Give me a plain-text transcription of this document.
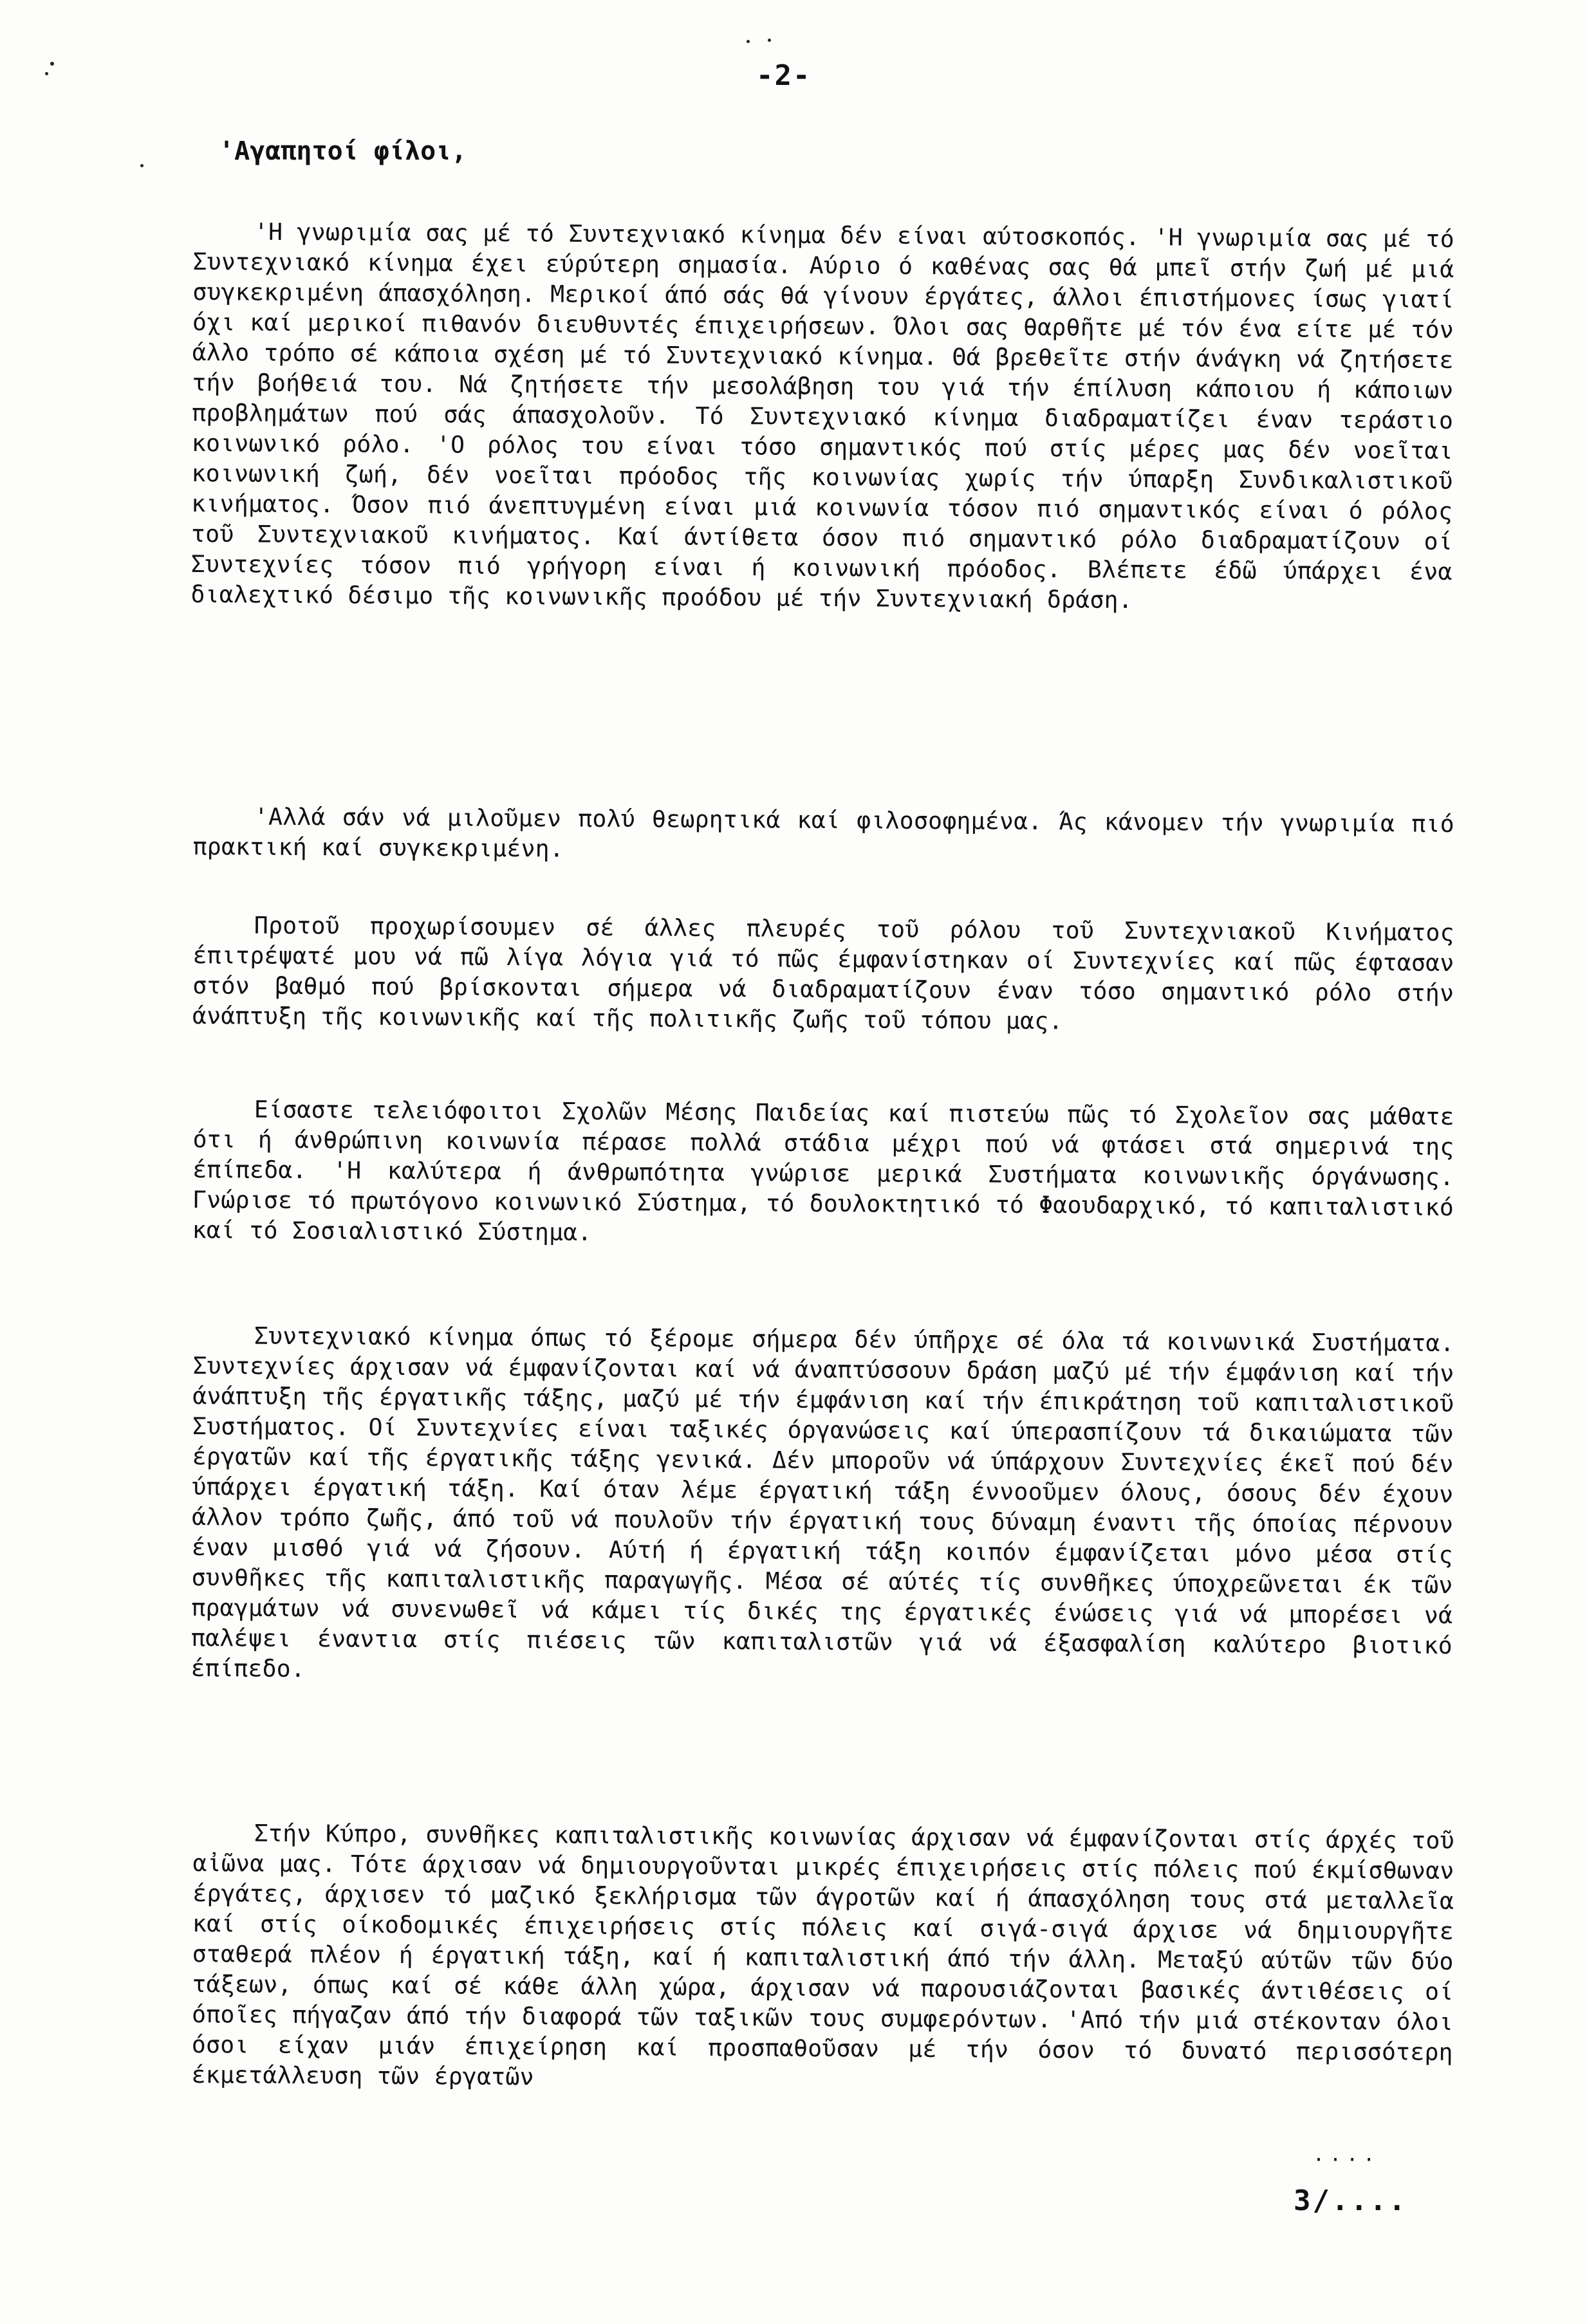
-2-
'Αγαπητοί φίλοι,

'Η γνωριμία σας μέ τό Συντεχνιακό κίνημα δέν είναι αύτοσκοπός. 'Η γνωριμία σας μέ τό Συντεχνιακό κίνημα έχει εύρύτερη σημασία. Αύριο ό καθένας σας θά μπεῖ στήν ζωή μέ μιά συγκεκριμένη άπασχόληση. Μερικοί άπό σάς θά γίνουν έργάτες, άλλοι έπιστήμονες ίσως γιατί όχι καί μερικοί πιθανόν διευθυντές έπιχειρήσεων. Όλοι σας θαρθῆτε μέ τόν ένα είτε μέ τόν άλλο τρόπο σέ κάποια σχέση μέ τό Συντεχνιακό κίνημα. Θά βρεθεῖτε στήν άνάγκη νά ζητήσετε τήν βοήθειά του. Νά ζητήσετε τήν μεσολάβηση του γιά τήν έπίλυση κάποιου ή κάποιων προβλημάτων πού σάς άπασχολοῦν. Τό Συντεχνιακό κίνημα διαδραματίζει έναν τεράστιο κοινωνικό ρόλο. 'Ο ρόλος του είναι τόσο σημαντικός πού στίς μέρες μας δέν νοεῖται κοινωνική ζωή, δέν νοεῖται πρόοδος τῆς κοινωνίας χωρίς τήν ύπαρξη Συνδικαλιστικοῦ κινήματος. Όσον πιό άνεπτυγμένη είναι μιά κοινωνία τόσον πιό σημαντικός είναι ό ρόλος τοῦ Συντεχνιακοῦ κινήματος. Καί άντίθετα όσον πιό σημαντικό ρόλο διαδραματίζουν οί Συντεχνίες τόσον πιό γρήγορη είναι ή κοινωνική πρόοδος. Βλέπετε έδῶ ύπάρχει ένα διαλεχτικό δέσιμο τῆς κοινωνικῆς προόδου μέ τήν Συντεχνιακή δράση.

'Αλλά σάν νά μιλοῦμεν πολύ θεωρητικά καί φιλοσοφημένα. Άς κάνομεν τήν γνωριμία πιό πρακτική καί συγκεκριμένη.

Προτοῦ προχωρίσουμεν σέ άλλες πλευρές τοῦ ρόλου τοῦ Συντεχνιακοῦ Κινήματος έπιτρέψατέ μου νά πῶ λίγα λόγια γιά τό πῶς έμφανίστηκαν οί Συντεχνίες καί πῶς έφτασαν στόν βαθμό πού βρίσκονται σήμερα νά διαδραματίζουν έναν τόσο σημαντικό ρόλο στήν άνάπτυξη τῆς κοινωνικῆς καί τῆς πολιτικῆς ζωῆς τοῦ τόπου μας.

Είσαστε τελειόφοιτοι Σχολῶν Μέσης Παιδείας καί πιστεύω πῶς τό Σχολεῖον σας μάθατε ότι ή άνθρώπινη κοινωνία πέρασε πολλά στάδια μέχρι πού νά φτάσει στά σημερινά της έπίπεδα. 'Η καλύτερα ή άνθρωπότητα γνώρισε μερικά Συστήματα κοινωνικῆς όργάνωσης. Γνώρισε τό πρωτόγονο κοινωνικό Σύστημα, τό δουλοκτητικό τό Φαουδαρχικό, τό καπιταλιστικό καί τό Σοσιαλιστικό Σύστημα.

Συντεχνιακό κίνημα όπως τό ξέρομε σήμερα δέν ύπῆρχε σέ όλα τά κοινωνικά Συστήματα. Συντεχνίες άρχισαν νά έμφανίζονται καί νά άναπτύσσουν δράση μαζύ μέ τήν έμφάνιση καί τήν άνάπτυξη τῆς έργατικῆς τάξης, μαζύ μέ τήν έμφάνιση καί τήν έπικράτηση τοῦ καπιταλιστικοῦ Συστήματος. Οί Συντεχνίες είναι ταξικές όργανώσεις καί ύπερασπίζουν τά δικαιώματα τῶν έργατῶν καί τῆς έργατικῆς τάξης γενικά. Δέν μποροῦν νά ύπάρχουν Συντεχνίες έκεῖ πού δέν ύπάρχει έργατική τάξη. Καί όταν λέμε έργατική τάξη έννοοῦμεν όλους, όσους δέν έχουν άλλον τρόπο ζωῆς, άπό τοῦ νά πουλοῦν τήν έργατική τους δύναμη έναντι τῆς όποίας πέρνουν έναν μισθό γιά νά ζήσουν. Αύτή ή έργατική τάξη κοιπόν έμφανίζεται μόνο μέσα στίς συνθῆκες τῆς καπιταλιστικῆς παραγωγῆς. Μέσα σέ αύτές τίς συνθῆκες ύποχρεῶνεται έκ τῶν πραγμάτων νά συνενωθεῖ νά κάμει τίς δικές της έργατικές ένώσεις γιά νά μπορέσει νά παλέψει έναντια στίς πιέσεις τῶν καπιταλιστῶν γιά νά έξασφαλίση καλύτερο βιοτικό έπίπεδο.

Στήν Κύπρο, συνθῆκες καπιταλιστικῆς κοινωνίας άρχισαν νά έμφανίζονται στίς άρχές τοῦ αἰῶνα μας. Τότε άρχισαν νά δημιουργοῦνται μικρές έπιχειρήσεις στίς πόλεις πού έκμίσθωναν έργάτες, άρχισεν τό μαζικό ξεκλήρισμα τῶν άγροτῶν καί ή άπασχόληση τους στά μεταλλεῖα καί στίς οίκοδομικές έπιχειρήσεις στίς πόλεις καί σιγά-σιγά άρχισε νά δημιουργῆτε σταθερά πλέον ή έργατική τάξη, καί ή καπιταλιστική άπό τήν άλλη. Μεταξύ αύτῶν τῶν δύο τάξεων, όπως καί σέ κάθε άλλη χώρα, άρχισαν νά παρουσιάζονται βασικές άντιθέσεις οί όποῖες πήγαζαν άπό τήν διαφορά τῶν ταξικῶν τους συμφερόντων. 'Από τήν μιά στέκονταν όλοι όσοι είχαν μιάν έπιχείρηση καί προσπαθοῦσαν μέ τήν όσον τό δυνατό περισσότερη έκμετάλλευση τῶν έργατῶν

····
3/....
